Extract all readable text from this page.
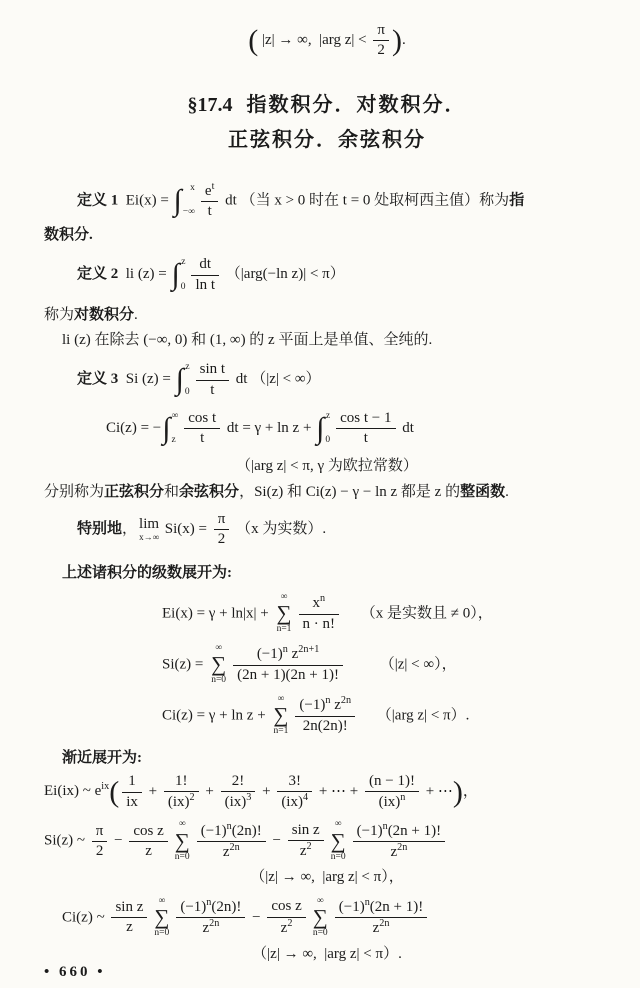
( |z| → ∞,  |arg $z| < \frac{\pi}{2}$ ).
§17.4 指数积分．对数积分．
正弦积分．余弦积分
定义 1  Ei(x) = ∫ x
−∞ $\frac{e^t}{t}$ dt （当 x > 0 时在 t = 0 处取柯西主值）称为指
数积分.
定义 2  li (z) = ∫ z
$0 \frac{dt}{\text{ln t}} (|arg(-\ln$ z)| < π）
称为对数积分.
li (z) 在除去 (−∞, 0) 和 (1, ∞) 的 z 平面上是单值、全纯的.
定义 3  Si (z) = ∫ z
$0 \frac{\text{sin t}}{t}$ dt （|z| < ∞）
Ci(z) = − ∫ ∞
z $\frac{\text{cos t}}{t}$ dt = γ + ln z + ∫ z
$0 \frac{\text{cos t − 1}}{t}$ dt
（|arg z| < π, γ 为欧拉常数）
分别称为正弦积分和余弦积分，Si(z) 和 Ci(z) − γ − ln z 都是 z 的整函数.
特别地， lim
x→∞
$Si(x) = \frac{\pi}{2} (x$ 为实数）.
上述诸积分的级数展开为:
Ei(x) = γ + ln|x| +
∞
∑
$n=1 \frac{x^n}{n \cdot n!}$ 　 （x 是实数且 ≠ 0），
Si(z) =
∞
∑
$n=0 \frac{(-1)^n z^{2n+1}}{(2n + 1)(2n + 1)!}$ 　　 （|z| < ∞），
Ci(z) = γ + ln z +
∞
∑
$n=1 \frac{(-1)^n z^{2n}}{2n(2n)!}$ 　 （|arg z| < π）.
渐近展开为:
Ei(ix) ~ $e^{ix}( \frac{1}{ix} + \frac{1!}{(ix)^2} + \frac{2!}{(ix)^3} + \frac{3!}{(ix)^4}$ + ⋯ + $\frac{(n - 1)!}{(ix)^n}$ + ⋯)，
Si(z) ~ $\frac{\pi}{2} - \frac{\text{cos z}}{z}$ ∞
∑
$n=0 \frac{(-1)^n(2n)!}{z^{2n}} - \frac{\text{sin z}}{z^2}$ ∞
∑
$n=0 \frac{(-1)^n(2n + 1)!}{z^{2n}}$
（|z| → ∞,  |arg z| < π），
Ci(z) ~ $\frac{\text{sin z}}{z}$ ∞
∑
$n=0 \frac{(-1)^n(2n)!}{z^{2n}} - \frac{\text{cos z}}{z^2}$ ∞
∑
$n=0 \frac{(-1)^n(2n + 1)!}{z^{2n}}$
（|z| → ∞,  |arg z| < π）.
• 660 •
